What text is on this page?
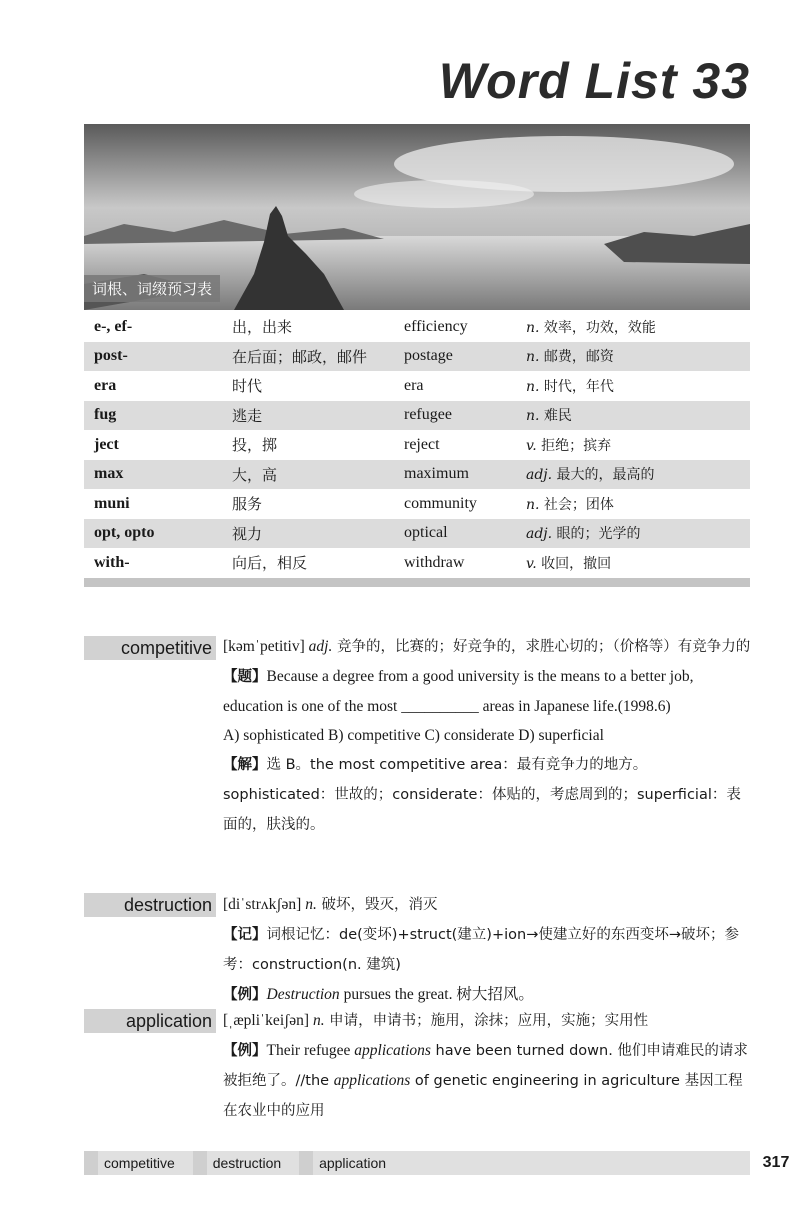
Word List 33
词根、词缀预习表
e-, ef-	出，出来	efficiency	n. 效率，功效，效能
post-	在后面；邮政，邮件	postage	n. 邮费，邮资
era	时代	era	n. 时代，年代
fug	逃走	refugee	n. 难民
ject	投，掷	reject	v. 拒绝；摈弃
max	大，高	maximum	adj. 最大的，最高的
muni	服务	community	n. 社会；团体
opt, opto	视力	optical	adj. 眼的；光学的
with-	向后，相反	withdraw	v. 收回，撤回
competitive [kəmˈpetitiv] adj. 竞争的，比赛的；好竞争的，求胜心切的；（价格等）有竞争力的

【题】Because a degree from a good university is the means to a better job, education is one of the most __________ areas in Japanese life.(1998.6)

A) sophisticated B) competitive C) considerate D) superficial

【解】选 B。the most competitive area：最有竞争力的地方。sophisticated：世故的；considerate：体贴的，考虑周到的；superficial：表面的，肤浅的。

destruction [diˈstrʌkʃən] n. 破坏，毁灭，消灭

【记】词根记忆：de(变坏)+struct(建立)+ion→使建立好的东西变坏→破坏；参考：construction(n. 建筑)

【例】Destruction pursues the great. 树大招风。

application [ˌæpliˈkeiʃən] n. 申请，申请书；施用，涂抹；应用，实施；实用性

【例】Their refugee applications have been turned down. 他们申请难民的请求被拒绝了。//the applications of genetic engineering in agriculture 基因工程在农业中的应用

competitive	destruction	application	317
